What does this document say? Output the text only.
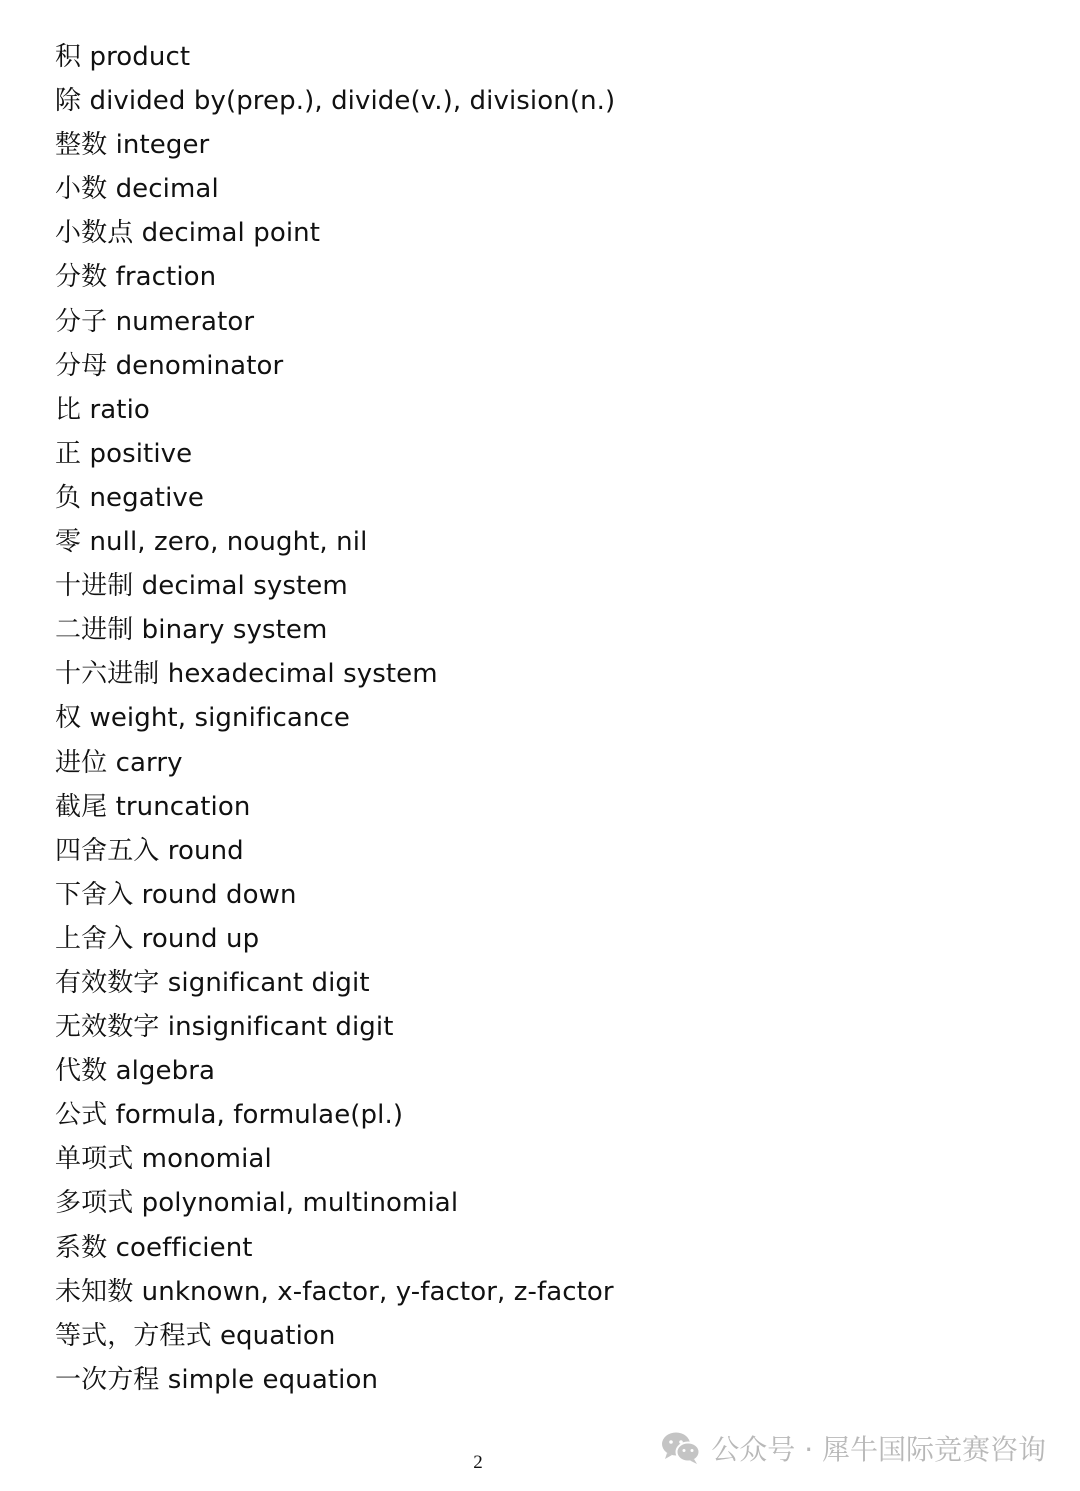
积 product
除 divided by(prep.), divide(v.), division(n.)
整数 integer
小数 decimal
小数点 decimal point
分数 fraction
分子 numerator
分母 denominator
比 ratio
正 positive
负 negative
零 null, zero, nought, nil
十进制 decimal system
二进制 binary system
十六进制 hexadecimal system
权 weight, significance
进位 carry
截尾 truncation
四舍五入 round
下舍入 round down
上舍入 round up
有效数字 significant digit
无效数字 insignificant digit
代数 algebra
公式 formula, formulae(pl.)
单项式 monomial
多项式 polynomial, multinomial
系数 coefficient
未知数 unknown, x-factor, y-factor, z-factor
等式，方程式 equation
一次方程 simple equation
2	公众号 · 犀牛国际竞赛咨询
